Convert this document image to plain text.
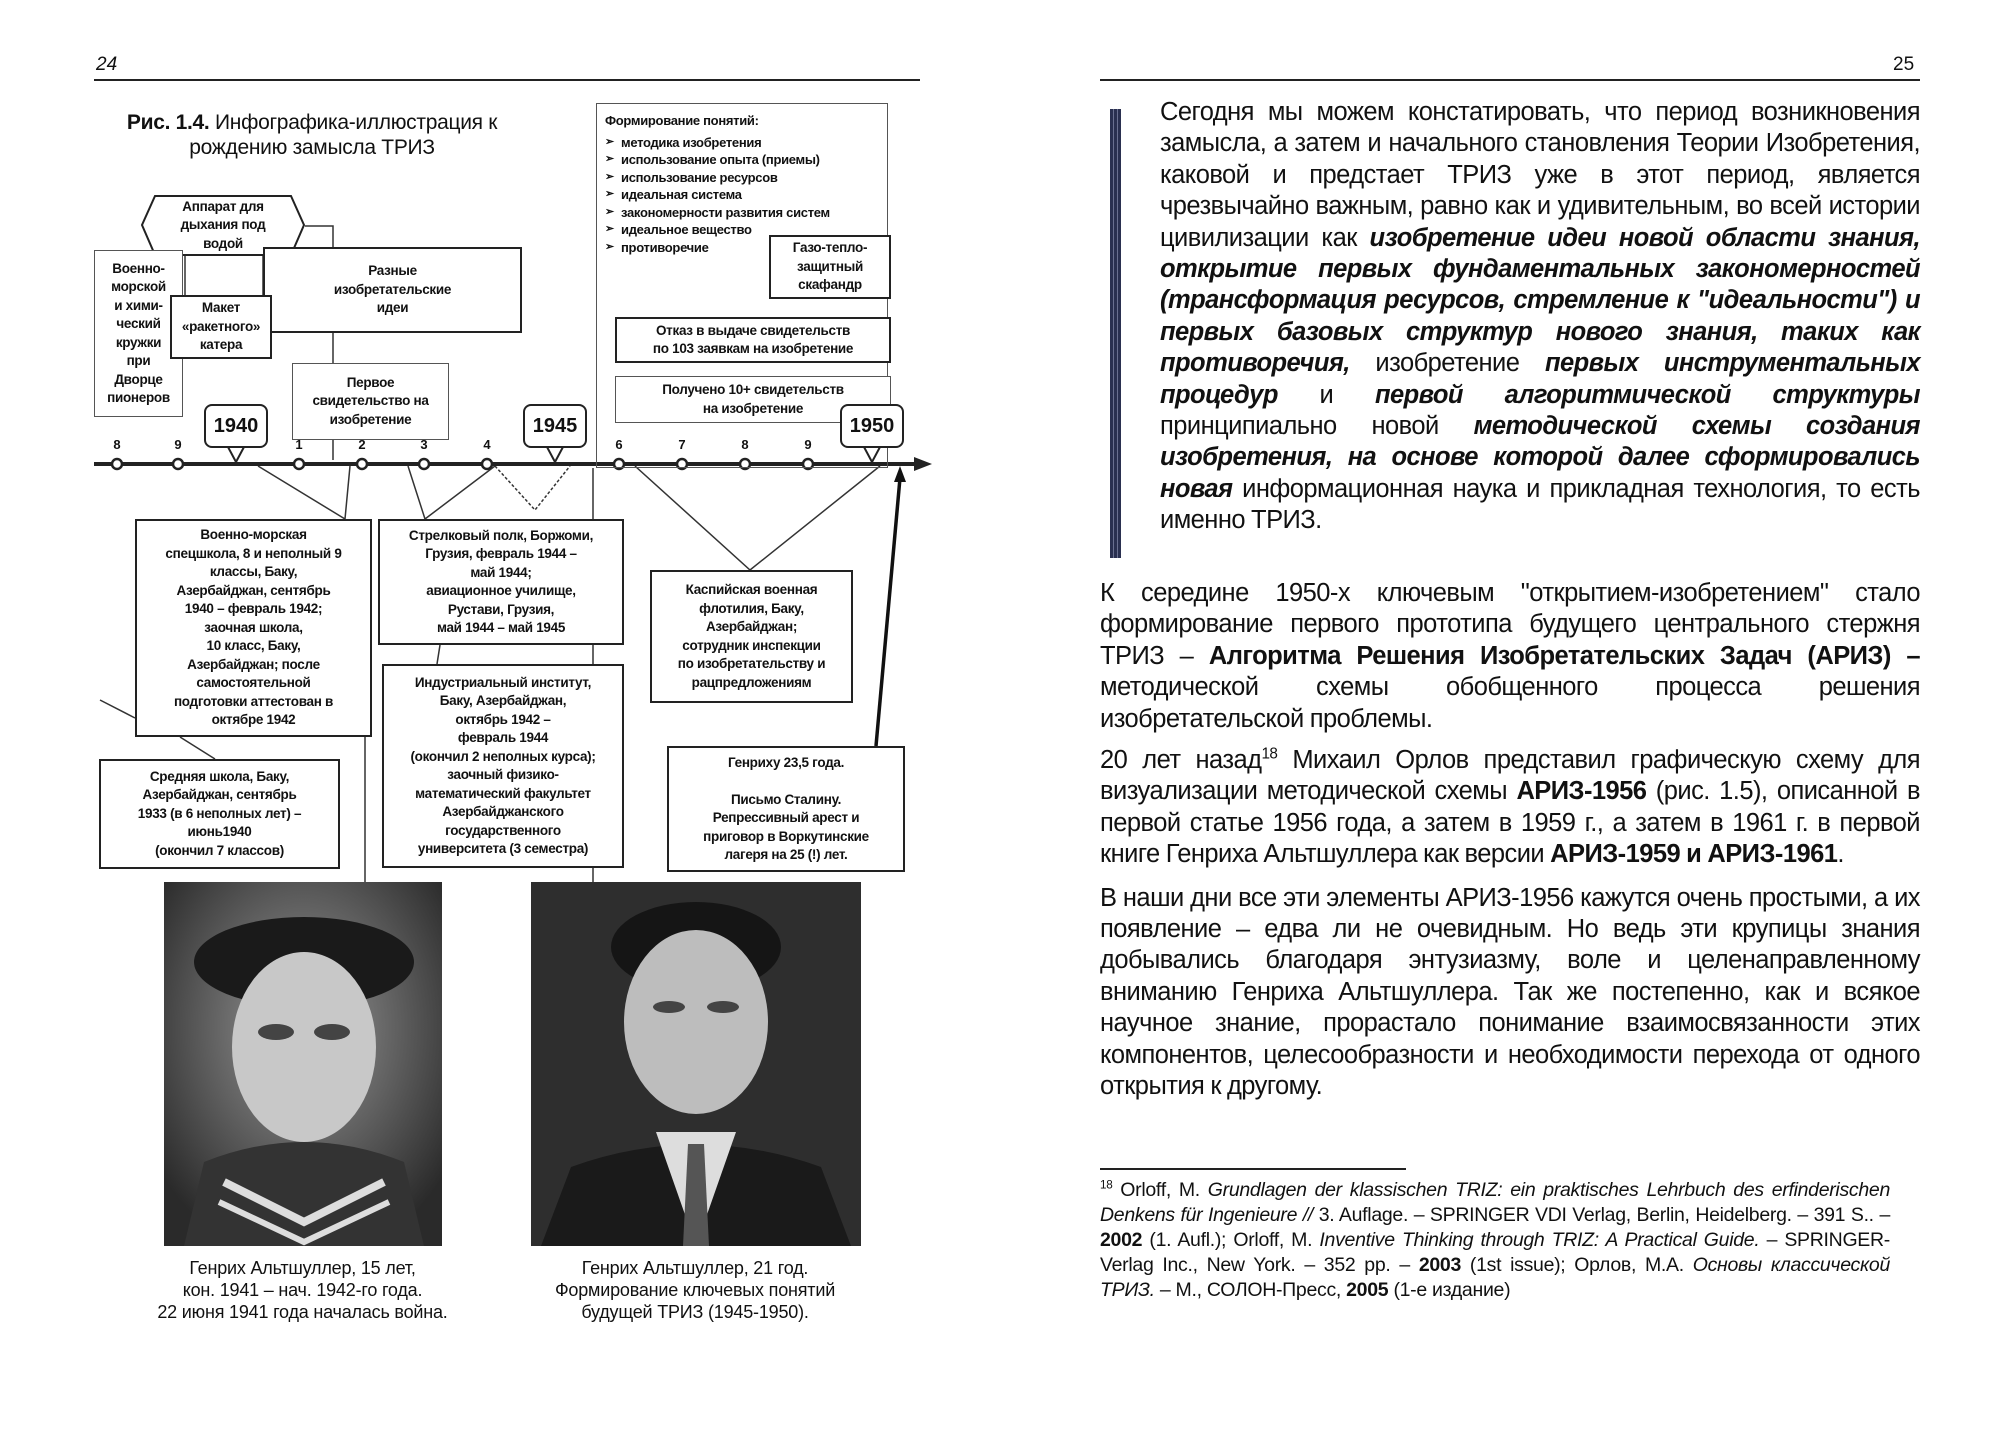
24
Рис. 1.4. Инфографика-иллюстрация к рождению замысла ТРИЗ
Формирование понятий:
➢ методика изобретения
➢ использование опыта (приемы)
➢ использование ресурсов
➢ идеальная система
➢ закономерности развития систем
➢ идеальное вещество
➢ противоречие	Газо-тепло-
защитный
скафандр
Отказ в выдаче свидетельств
по 103 заявкам на изобретение
Получено 10+ свидетельств
на изобретение
Аппарат для
дыхания под
водой
Военно-
морской
и хими-
ческий
кружки
при
Дворце
пионеров
Разные
изобретательские
идеи
Макет
«ракетного»
катера
Первое
свидетельство на
изобретение
1940	1945	1950
8	9	1	2	3	4	6	7	8	9
Военно-морская
спецшкола, 8 и неполный 9
классы, Баку,
Азербайджан, сентябрь
1940 – февраль 1942;
заочная школа,
10 класс, Баку,
Азербайджан; после
самостоятельной
подготовки аттестован в
октябре 1942
Стрелковый полк, Боржоми,
Грузия, февраль 1944 –
май 1944;
авиационное училище,
Рустави, Грузия,
май 1944 – май 1945
Индустриальный институт,
Баку, Азербайджан,
октябрь 1942 –
февраль 1944
(окончил 2 неполных курса);
заочный физико-
математический факультет
Азербайджанского
государственного
университета (3 семестра)
Каспийская военная
флотилия, Баку,
Азербайджан;
сотрудник инспекции
по изобретательству и
рацпредложениям
Средняя школа, Баку,
Азербайджан, сентябрь
1933 (в 6 неполных лет) –
июнь1940
(окончил 7 классов)
Генриху 23,5 года.

Письмо Сталину.
Репрессивный арест и
приговор в Воркутинские
лагеря на 25 (!) лет.
Генрих Альтшуллер, 15 лет,
кон. 1941 – нач. 1942-го года.
22 июня 1941 года началась война.
Генрих Альтшуллер, 21 год.
Формирование ключевых понятий
будущей ТРИЗ (1945-1950).
25

Сегодня мы можем констатировать, что период возникновения замысла, а затем и начального становления Теории Изобретения, каковой и предстает ТРИЗ уже в этот период, является чрезвычайно важным, равно как и удивительным, во всей истории цивилизации как изобретение идеи новой области знания, открытие первых фундаментальных закономерностей (трансформация ресурсов, стремление к "идеальности") и первых базовых структур нового знания, таких как противоречия, изобретение первых инструментальных процедур и первой алгоритмической структуры принципиально новой методической схемы создания изобретения, на основе которой далее сформировались новая информационная наука и прикладная технология, то есть именно ТРИЗ.

К середине 1950-х ключевым "открытием-изобретением" стало формирование первого прототипа будущего центрального стержня ТРИЗ – Алгоритма Решения Изобретательских Задач (АРИЗ) – методической схемы обобщенного процесса решения изобретательской проблемы.

20 лет назад$^{18}$ Михаил Орлов представил графическую схему для визуализации методической схемы АРИЗ-1956 (рис. 1.5), описанной в первой статье 1956 года, а затем в 1959 г., а затем в 1961 г. в первой книге Генриха Альтшуллера как версии АРИЗ-1959 и АРИЗ-1961.

В наши дни все эти элементы АРИЗ-1956 кажутся очень простыми, а их появление – едва ли не очевидным. Но ведь эти крупицы знания добывались благодаря энтузиазму, воле и целенаправленному вниманию Генриха Альтшуллера. Так же постепенно, как и всякое научное знание, прорастало понимание взаимосвязанности этих компонентов, целесообразности и необходимости перехода от одного открытия к другому.

$^{18}$ Orloff, M. Grundlagen der klassischen TRIZ: ein praktisches Lehrbuch des erfinderischen Denkens für Ingenieure // 3. Auflage. – SPRINGER VDI Verlag, Berlin, Heidelberg. – 391 S.. – 2002 (1. Aufl.); Orloff, M. Inventive Thinking through TRIZ: A Practical Guide. – SPRINGER-Verlag Inc., New York. – 352 pp. – 2003 (1st issue); Орлов, М.А. Основы классической ТРИЗ. – М., СОЛОН-Пресс, 2005 (1-е издание)
